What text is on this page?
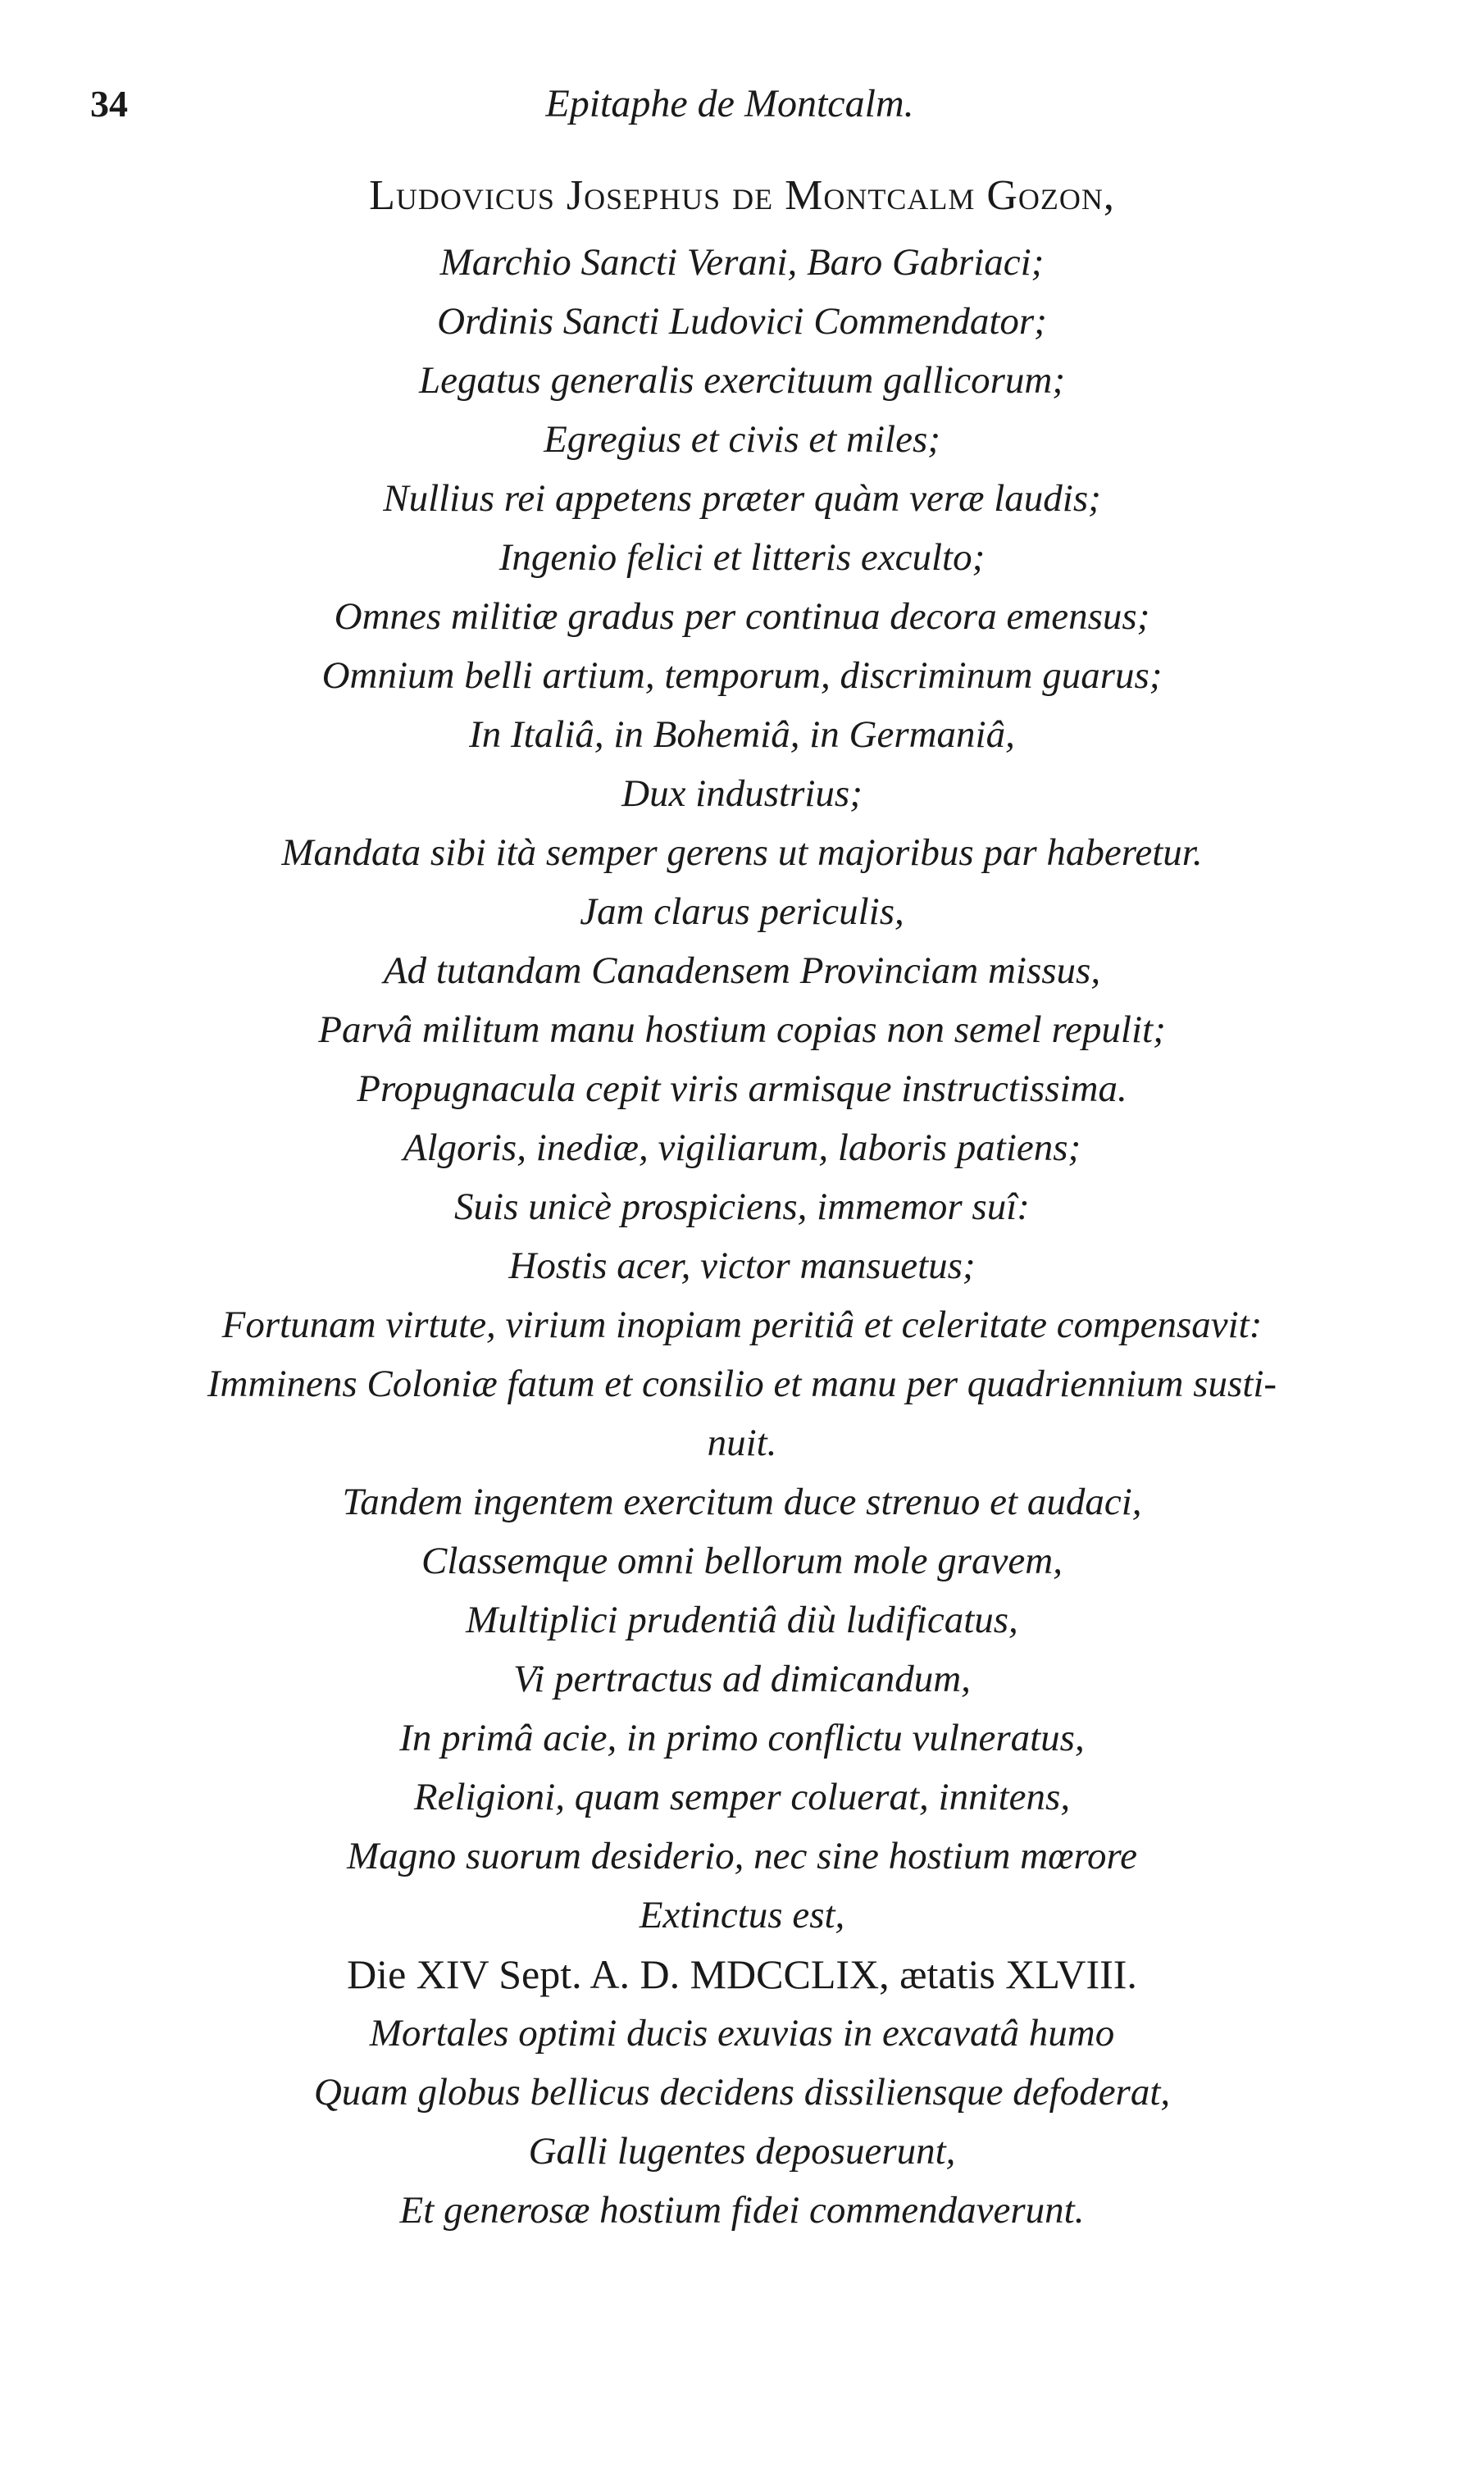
34	Epitaphe de Montcalm.
Ludovicus Josephus de Montcalm Gozon,
Marchio Sancti Verani, Baro Gabriaci;
Ordinis Sancti Ludovici Commendator;
Legatus generalis exercituum gallicorum;
Egregius et civis et miles;
Nullius rei appetens præter quàm veræ laudis;
Ingenio felici et litteris exculto;
Omnes militiæ gradus per continua decora emensus;
Omnium belli artium, temporum, discriminum guarus;
In Italiâ, in Bohemiâ, in Germaniâ,
Dux industrius;
Mandata sibi ità semper gerens ut majoribus par haberetur.
Jam clarus periculis,
Ad tutandam Canadensem Provinciam missus,
Parvâ militum manu hostium copias non semel repulit;
Propugnacula cepit viris armisque instructissima.
Algoris, inediæ, vigiliarum, laboris patiens;
Suis unicè prospiciens, immemor suî:
Hostis acer, victor mansuetus;
Fortunam virtute, virium inopiam peritiâ et celeritate compensavit:
Imminens Coloniæ fatum et consilio et manu per quadriennium susti-
nuit.
Tandem ingentem exercitum duce strenuo et audaci,
Classemque omni bellorum mole gravem,
Multiplici prudentiâ diù ludificatus,
Vi pertractus ad dimicandum,
In primâ acie, in primo conflictu vulneratus,
Religioni, quam semper coluerat, innitens,
Magno suorum desiderio, nec sine hostium mœrore
Extinctus est,
Die XIV Sept. A. D. MDCCLIX, ætatis XLVIII.
Mortales optimi ducis exuvias in excavatâ humo
Quam globus bellicus decidens dissiliensque defoderat,
Galli lugentes deposuerunt,
Et generosæ hostium fidei commendaverunt.
